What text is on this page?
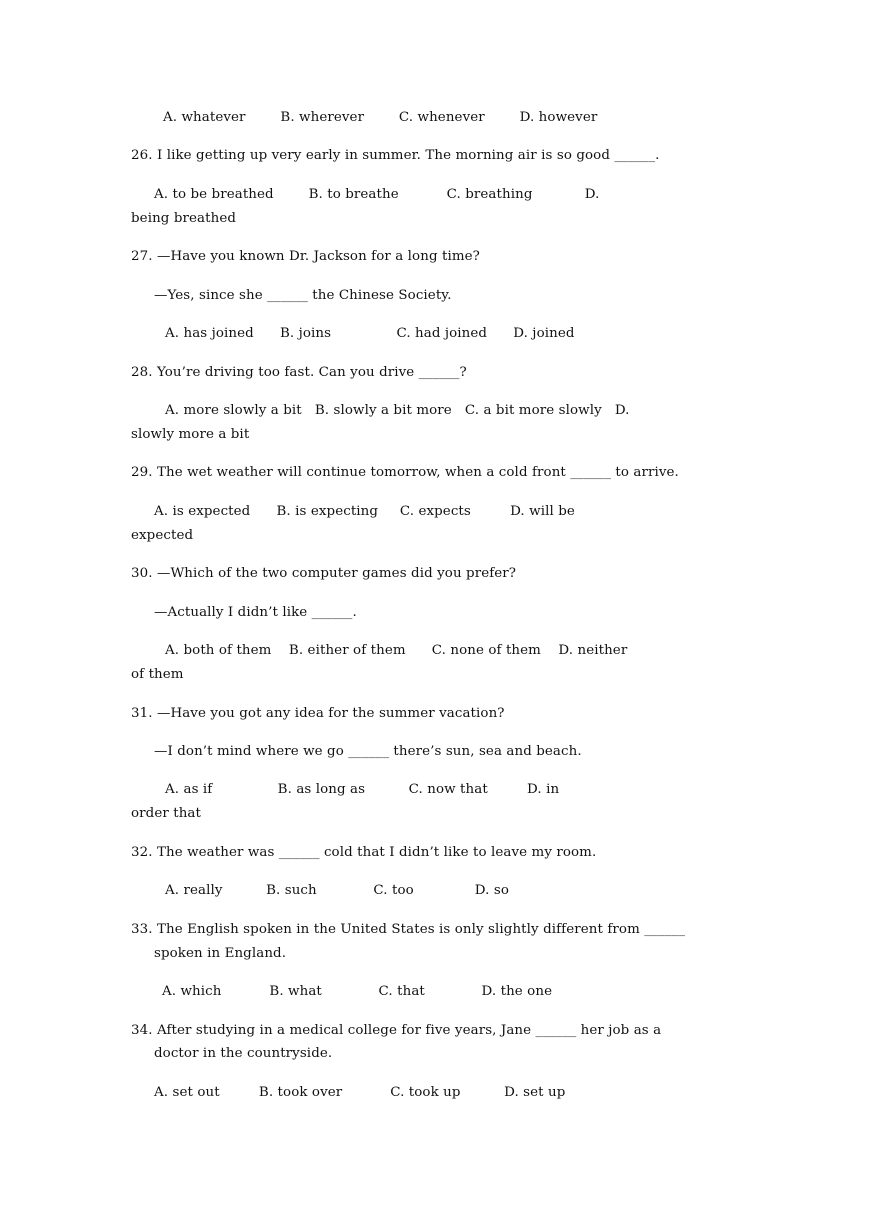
A. whatever        B. wherever        C. whenever        D. however
26. I like getting up very early in summer. The morning air is so good ______.
A. to be breathed        B. to breathe           C. breathing            D.
being breathed
27. —Have you known Dr. Jackson for a long time?
—Yes, since she ______ the Chinese Society.
A. has joined      B. joins               C. had joined      D. joined
28. You’re driving too fast. Can you drive ______?
A. more slowly a bit   B. slowly a bit more   C. a bit more slowly   D.
slowly more a bit
29. The wet weather will continue tomorrow, when a cold front ______ to arrive.
A. is expected      B. is expecting     C. expects         D. will be
expected
30. —Which of the two computer games did you prefer?
—Actually I didn’t like ______.
A. both of them    B. either of them      C. none of them    D. neither
of them
31. —Have you got any idea for the summer vacation?
—I don’t mind where we go ______ there’s sun, sea and beach.
A. as if               B. as long as          C. now that         D. in
order that
32. The weather was ______ cold that I didn’t like to leave my room.
A. really          B. such             C. too              D. so
33. The English spoken in the United States is only slightly different from ______
spoken in England.
A. which           B. what             C. that             D. the one
34. After studying in a medical college for five years, Jane ______ her job as a
doctor in the countryside.
A. set out         B. took over           C. took up          D. set up
